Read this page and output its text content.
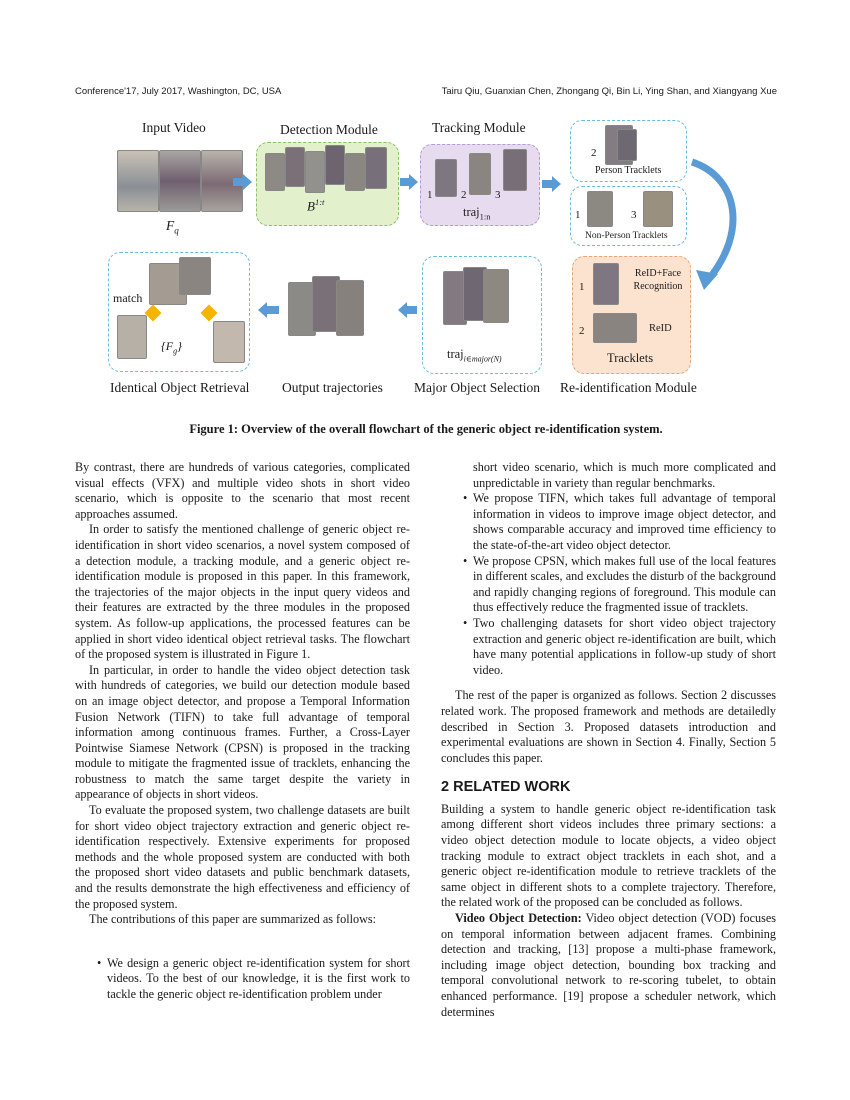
Conference'17, July 2017, Washington, DC, USA	Tairu Qiu, Guanxian Chen, Zhongang Qi, Bin Li, Ying Shan, and Xiangyang Xue
Input Video	Detection Module	Tracking Module
$F_q$
$B^{1:t}$
1	2	3
traj$_{1:n}$
2
Person Tracklets
1	3
Non-Person Tracklets
1
ReID+Face Recognition
2	ReID
Tracklets
traj$_{i\in major(N)}$
match
$\{F_g\}$
Identical Object Retrieval Output trajectories Major Object Selection Re-identification Module
Figure 1: Overview of the overall flowchart of the generic object re-identification system.

By contrast, there are hundreds of various categories, complicated visual effects (VFX) and multiple video shots in short video scenario, which is opposite to the scenario that most recent approaches assumed.

In order to satisfy the mentioned challenge of generic object re-identification in short video scenarios, a novel system composed of a detection module, a tracking module, and a generic object re-identification module is proposed in this paper. In this framework, the trajectories of the major objects in the input query videos and their features are extracted by the three modules in the proposed system. As follow-up applications, the processed features can be applied in short video identical object retrieval tasks. The flowchart of the proposed system is illustrated in Figure 1.

In particular, in order to handle the video object detection task with hundreds of categories, we build our detection module based on an image object detector, and propose a Temporal Information Fusion Network (TIFN) to take full advantage of temporal information among continuous frames. Further, a Cross-Layer Pointwise Siamese Network (CPSN) is proposed in the tracking module to mitigate the fragmented issue of tracklets, enhancing the robustness to match the same target despite the variety in appearance of objects in short videos.

To evaluate the proposed system, two challenge datasets are built for short video object trajectory extraction and generic object re-identification respectively. Extensive experiments for proposed methods and the whole proposed system are conducted with both the proposed short video datasets and public benchmark datasets, and the results demonstrate the high effectiveness and efficiency of the proposed system.

The contributions of this paper are summarized as follows:

• We design a generic object re-identification system for short videos. To the best of our knowledge, it is the first work to tackle the generic object re-identification problem under

short video scenario, which is much more complicated and unpredictable in variety than regular benchmarks.

• We propose TIFN, which takes full advantage of temporal information in videos to improve image object detector, and shows comparable accuracy and improved time efficiency to the state-of-the-art video object detector.

• We propose CPSN, which makes full use of the local features in different scales, and excludes the disturb of the background and rapidly changing regions of foreground. This module can thus effectively reduce the fragmented issue of tracklets.

• Two challenging datasets for short video object trajectory extraction and generic object re-identification are built, which have many potential applications in follow-up study of short video.

The rest of the paper is organized as follows. Section 2 discusses related work. The proposed framework and methods are detailedly described in Section 3. Proposed datasets introduction and experimental evaluations are shown in Section 4. Finally, Section 5 concludes this paper.

2 RELATED WORK

Building a system to handle generic object re-identification task among different short videos includes three primary sections: a video object detection module to locate objects, a video object tracking module to extract object tracklets in each shot, and a generic object re-identification module to retrieve tracklets of the same object in different shots to a complete trajectory. Therefore, the related work of the proposed can be concluded as follows.

Video Object Detection: Video object detection (VOD) focuses on temporal information between adjacent frames. Combining detection and tracking, [13] propose a multi-phase framework, including image object detection, bounding box tracking and temporal convolutional network to re-scoring tubelet, to obtain enhanced performance. [19] propose a scheduler network, which determines
